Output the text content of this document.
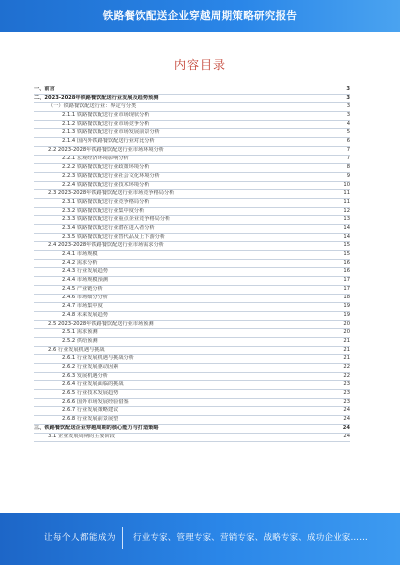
铁路餐饮配送企业穿越周期策略研究报告
内容目录
一、前言	3
二、2023-2028年铁路餐饮配送行业发展及趋势预测	3
（一）铁路餐饮配送行业：界定与分类	3
2.1.1 铁路餐饮配送行业市场现状分析	3
2.1.2 铁路餐饮配送行业市场竞争分析	4
2.1.3 铁路餐饮配送行业市场发展前景分析	5
2.1.4 国内外铁路餐饮配送行业对比分析	6
2.2 2023-2028年铁路餐饮配送行业市场环境分析	7
2.2.1 宏观经济环境影响分析	7
2.2.2 铁路餐饮配送行业政策环境分析	8
2.2.3 铁路餐饮配送行业社会文化环境分析	9
2.2.4 铁路餐饮配送行业技术环境分析	10
2.3 2023-2028年铁路餐饮配送行业市场竞争格局分析	11
2.3.1 铁路餐饮配送行业竞争格局分析	11
2.3.2 铁路餐饮配送行业集中度分析	12
2.3.3 铁路餐饮配送行业重点企业竞争格局分析	13
2.3.4 铁路餐饮配送行业潜在进入者分析	14
2.3.5 铁路餐饮配送行业替代品及上下游分析	14
2.4 2023-2028年铁路餐饮配送行业市场需求分析	15
2.4.1 市场规模	15
2.4.2 需求分析	16
2.4.3 行业发展趋势	16
2.4.4 市场规模预测	17
2.4.5 产业链分析	17
2.4.6 市场细分分析	18
2.4.7 市场集中度	19
2.4.8 未来发展趋势	19
2.5 2023-2028年铁路餐饮配送行业市场预测	20
2.5.1 需求预测	20
2.5.2 供给预测	21
2.6 行业发展机遇与挑战	21
2.6.1 行业发展机遇与挑战分析	21
2.6.2 行业发展驱动因素	22
2.6.3 发展机遇分析	22
2.6.4 行业发展面临的挑战	23
2.6.5 行业技术发展趋势	23
2.6.6 国外市场发展经验借鉴	23
2.6.7 行业发展策略建议	24
2.6.8 行业发展前景展望	24
三、铁路餐饮配送企业穿越周期的核心能力与打造策略	24
3.1 企业发展周期的主要阶段	24
让每个人都能成为 行业专家、管理专家、营销专家、战略专家、成功企业家……
